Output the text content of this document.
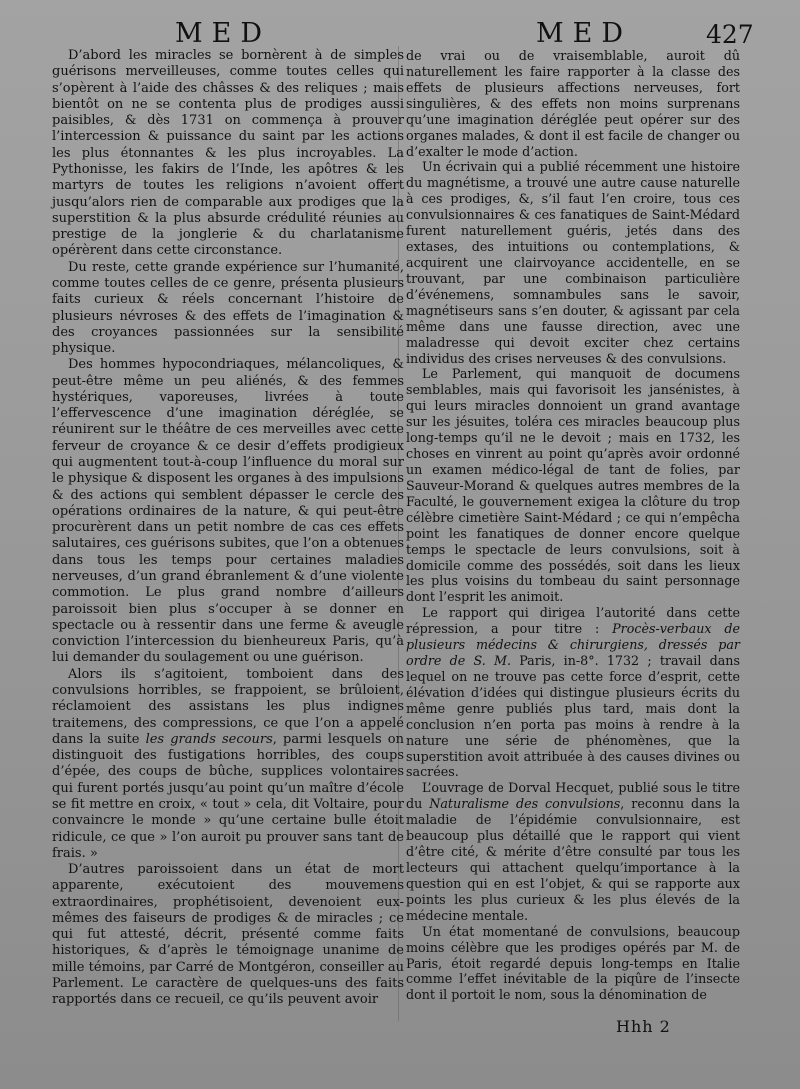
MED	MED	427

D’abord les miracles se bornèrent à de simples guérisons merveilleuses, comme toutes celles qui s’opèrent à l’aide des châsses & des reliques ; mais bientôt on ne se contenta plus de prodiges aussi paisibles, & dès 1731 on commença à prouver l’intercession & puissance du saint par les actions les plus étonnantes & les plus incroyables. La Pythonisse, les fakirs de l’Inde, les apôtres & les martyrs de toutes les religions n’avoient offert jusqu’alors rien de comparable aux prodiges que la superstition & la plus absurde crédulité réunies au prestige de la jonglerie & du charlatanisme opérèrent dans cette circonstance.

Du reste, cette grande expérience sur l’humanité, comme toutes celles de ce genre, présenta plusieurs faits curieux & réels concernant l’histoire de plusieurs névroses & des effets de l’imagination & des croyances passionnées sur la sensibilité physique.

Des hommes hypocondriaques, mélancoliques, & peut-être même un peu aliénés, & des femmes hystériques, vaporeuses, livrées à toute l’effervescence d’une imagination déréglée, se réunirent sur le théâtre de ces merveilles avec cette ferveur de croyance & ce desir d’effets prodigieux qui augmentent tout-à-coup l’influence du moral sur le physique & disposent les organes à des impulsions & des actions qui semblent dépasser le cercle des opérations ordinaires de la nature, & qui peut-être procurèrent dans un petit nombre de cas ces effets salutaires, ces guérisons subites, que l’on a obtenues dans tous les temps pour certaines maladies nerveuses, d’un grand ébranlement & d’une violente commotion. Le plus grand nombre d’ailleurs paroissoit bien plus s’occuper à se donner en spectacle ou à ressentir dans une ferme & aveugle conviction l’intercession du bienheureux Paris, qu’à lui demander du soulagement ou une guérison.

Alors ils s’agitoient, tomboient dans des convulsions horribles, se frappoient, se brûloient, réclamoient des assistans les plus indignes traitemens, des compressions, ce que l’on a appelé dans la suite les grands secours, parmi lesquels on distinguoit des fustigations horribles, des coups d’épée, des coups de bûche, supplices volontaires qui furent portés jusqu’au point qu’un maître d’école se fit mettre en croix, « tout » cela, dit Voltaire, pour convaincre le monde » qu’une certaine bulle étoit ridicule, ce que » l’on auroit pu prouver sans tant de frais. »

D’autres paroissoient dans un état de mort apparente, exécutoient des mouvemens extraordinaires, prophétisoient, devenoient eux-mêmes des faiseurs de prodiges & de miracles ; ce qui fut attesté, décrit, présenté comme faits historiques, & d’après le témoignage unanime de mille témoins, par Carré de Montgéron, conseiller au Parlement. Le caractère de quelques-uns des faits rapportés dans ce recueil, ce qu’ils peuvent avoir

de vrai ou de vraisemblable, auroit dû naturellement les faire rapporter à la classe des effets de plusieurs affections nerveuses, fort singulières, & des effets non moins surprenans qu’une imagination déréglée peut opérer sur des organes malades, & dont il est facile de changer ou d’exalter le mode d’action.

Un écrivain qui a publié récemment une histoire du magnétisme, a trouvé une autre cause naturelle à ces prodiges, &, s’il faut l’en croire, tous ces convulsionnaires & ces fanatiques de Saint-Médard furent naturellement guéris, jetés dans des extases, des intuitions ou contemplations, & acquirent une clairvoyance accidentelle, en se trouvant, par une combinaison particulière d’événemens, somnambules sans le savoir, magnétiseurs sans s’en douter, & agissant par cela même dans une fausse direction, avec une maladresse qui devoit exciter chez certains individus des crises nerveuses & des convulsions.

Le Parlement, qui manquoit de documens semblables, mais qui favorisoit les jansénistes, à qui leurs miracles donnoient un grand avantage sur les jésuites, toléra ces miracles beaucoup plus long-temps qu’il ne le devoit ; mais en 1732, les choses en vinrent au point qu’après avoir ordonné un examen médico-légal de tant de folies, par Sauveur-Morand & quelques autres membres de la Faculté, le gouvernement exigea la clôture du trop célèbre cimetière Saint-Médard ; ce qui n’empêcha point les fanatiques de donner encore quelque temps le spectacle de leurs convulsions, soit à domicile comme des possédés, soit dans les lieux les plus voisins du tombeau du saint personnage dont l’esprit les animoit.

Le rapport qui dirigea l’autorité dans cette répression, a pour titre : Procès-verbaux de plusieurs médecins & chirurgiens, dressés par ordre de S. M. Paris, in-8°. 1732 ; travail dans lequel on ne trouve pas cette force d’esprit, cette élévation d’idées qui distingue plusieurs écrits du même genre publiés plus tard, mais dont la conclusion n’en porta pas moins à rendre à la nature une série de phénomènes, que la superstition avoit attribuée à des causes divines ou sacrées.

L’ouvrage de Dorval Hecquet, publié sous le titre du Naturalisme des convulsions, reconnu dans la maladie de l’épidémie convulsionnaire, est beaucoup plus détaillé que le rapport qui vient d’être cité, & mérite d’être consulté par tous les lecteurs qui attachent quelqu’importance à la question qui en est l’objet, & qui se rapporte aux points les plus curieux & les plus élevés de la médecine mentale.

Un état momentané de convulsions, beaucoup moins célèbre que les prodiges opérés par M. de Paris, étoit regardé depuis long-temps en Italie comme l’effet inévitable de la piqûre de l’insecte dont il portoit le nom, sous la dénomination de

Hhh 2
